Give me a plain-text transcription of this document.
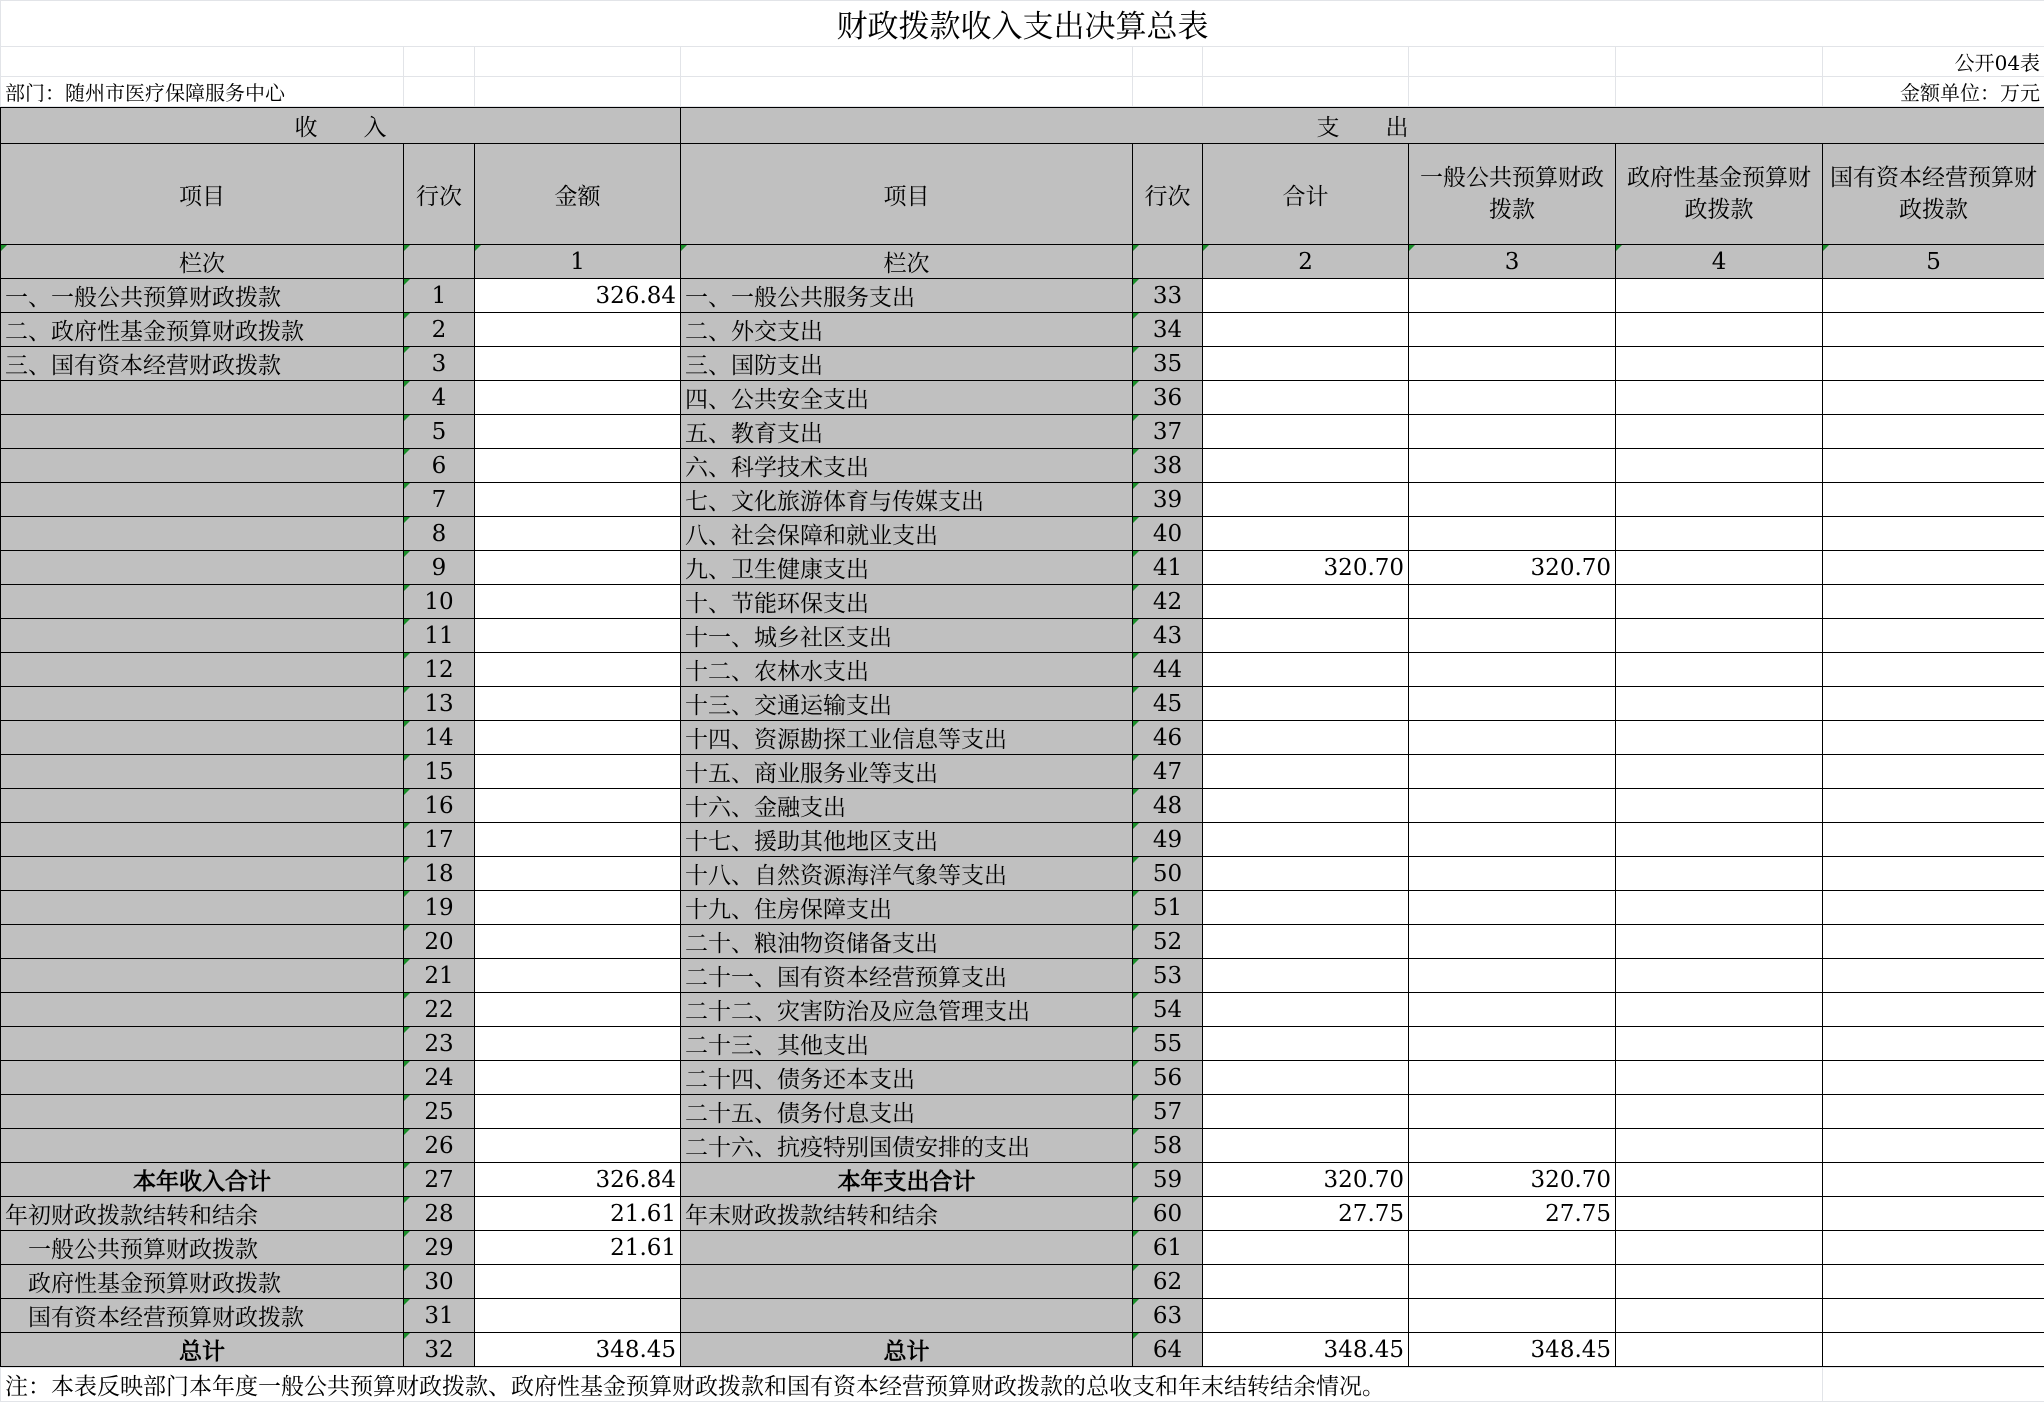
财政拨款收入支出决算总表								
								公开04表
部门：随州市医疗保障服务中心								金额单位：万元
收　　入			支　　出					
项目	行次	金额	项目	行次	合计	一般公共预算财政拨款	政府性基金预算财政拨款	国有资本经营预算财政拨款
栏次		1	栏次		2	3	4	5
一、一般公共预算财政拨款	1	326.84	一、一般公共服务支出	33				
二、政府性基金预算财政拨款	2		二、外交支出	34				
三、国有资本经营财政拨款	3		三、国防支出	35				
	4		四、公共安全支出	36				
	5		五、教育支出	37				
	6		六、科学技术支出	38				
	7		七、文化旅游体育与传媒支出	39				
	8		八、社会保障和就业支出	40				
	9		九、卫生健康支出	41	320.70	320.70		
	10		十、节能环保支出	42				
	11		十一、城乡社区支出	43				
	12		十二、农林水支出	44				
	13		十三、交通运输支出	45				
	14		十四、资源勘探工业信息等支出	46				
	15		十五、商业服务业等支出	47				
	16		十六、金融支出	48				
	17		十七、援助其他地区支出	49				
	18		十八、自然资源海洋气象等支出	50				
	19		十九、住房保障支出	51				
	20		二十、粮油物资储备支出	52				
	21		二十一、国有资本经营预算支出	53				
	22		二十二、灾害防治及应急管理支出	54				
	23		二十三、其他支出	55				
	24		二十四、债务还本支出	56				
	25		二十五、债务付息支出	57				
	26		二十六、抗疫特别国债安排的支出	58				
本年收入合计	27	326.84	本年支出合计	59	320.70	320.70		
年初财政拨款结转和结余	28	21.61	年末财政拨款结转和结余	60	27.75	27.75		
　一般公共预算财政拨款	29	21.61		61				
　政府性基金预算财政拨款	30			62				
　国有资本经营预算财政拨款	31			63				
总计	32	348.45	总计	64	348.45	348.45		
注：本表反映部门本年度一般公共预算财政拨款、政府性基金预算财政拨款和国有资本经营预算财政拨款的总收支和年末结转结余情况。	
